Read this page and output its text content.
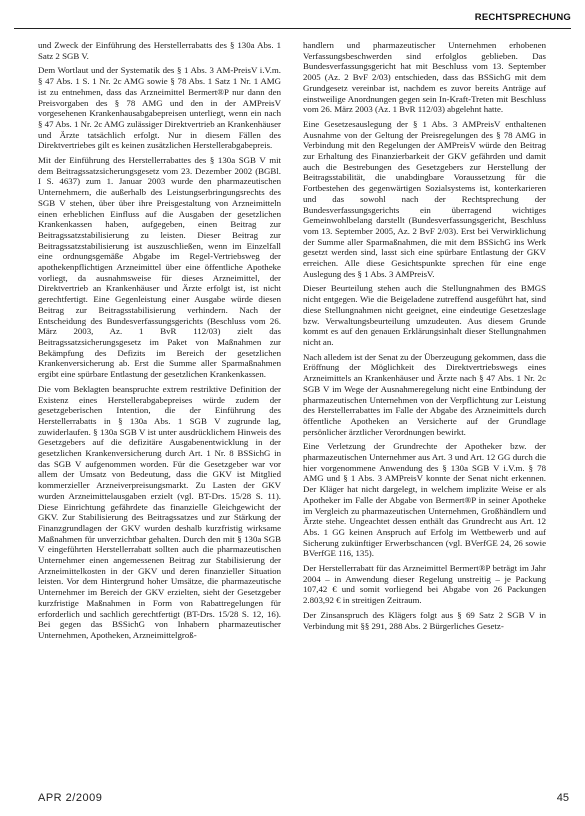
RECHTSPRECHUNG

und Zweck der Einführung des Herstellerrabatts des § 130a Abs. 1 Satz 2 SGB V.

Dem Wortlaut und der Systematik des § 1 Abs. 3 AM-PreisV i.V.m. § 47 Abs. 1 S. 1 Nr. 2c AMG sowie § 78 Abs. 1 Satz 1 Nr. 1 AMG ist zu entnehmen, dass das Arzneimittel Bermert®P nur dann den Preisvorgaben des § 78 AMG und den in der AMPreisV vorgesehenen Krankenhausabgabepreisen unterliegt, wenn ein nach § 47 Abs. 1 Nr. 2c AMG zulässiger Direktvertrieb an Krankenhäuser und Ärzte tatsächlich erfolgt. Nur in diesem Fällen des Direktvertriebes gilt es keinen zusätzlichen Herstellerabgabepreis.

Mit der Einführung des Herstellerrabattes des § 130a SGB V mit dem Beitragssatzsicherungsgesetz vom 23. Dezember 2002 (BGBl. I S. 4637) zum 1. Januar 2003 wurde den pharmazeutischen Unternehmern, die außerhalb des Leistungserbringungsrechts des SGB V stehen, über über ihre Preisgestaltung von Arzneimitteln einen erheblichen Einfluss auf die Ausgaben der gesetzlichen Krankenkassen haben, aufgegeben, einen Beitrag zur Beitragssatzstabilisierung zu leisten. Dieser Beitrag zur Beitragssatzstabilisierung ist auszuschließen, wenn im Einzelfall eine ordnungsgemäße Abgabe im Regel-Vertriebsweg der apothekenpflichtigen Arzneimittel über eine öffentliche Apotheke vorliegt, da ausnahmsweise für dieses Arzneimittel, der Direktvertrieb an Krankenhäuser und Ärzte erfolgt ist, ist nicht gerechtfertigt. Eine Gegenleistung einer Ausgabe würde diesen Beitrag zur Beitragsstabilisierung verhindern. Nach der Entscheidung des Bundesverfassungsgerichts (Beschluss vom 26. März 2003, Az. 1 BvR 112/03) zielt das Beitragssatzsicherungsgesetz im Paket von Maßnahmen zur Bekämpfung des Defizits im Bereich der gesetzlichen Krankenversicherung ab. Erst die Summe aller Sparmaßnahmen ergibt eine spürbare Entlastung der gesetzlichen Krankenkassen.

Die vom Beklagten beanspruchte extrem restriktive Definition der Existenz eines Herstellerabgabepreises würde zudem der gesetzgeberischen Intention, die der Einführung des Herstellerrabatts in § 130a Abs. 1 SGB V zugrunde lag, zuwiderlaufen. § 130a SGB V ist unter ausdrücklichem Hinweis des Gesetzgebers auf die defizitäre Ausgabenentwicklung in der gesetzlichen Krankenversicherung durch Art. 1 Nr. 8 BSSichG in das SGB V aufgenommen worden. Für die Gesetzgeber war vor allem der Umsatz von Bedeutung, dass die GKV ist Mitglied kommerzieller Arzneiverpreisungsmarkt. Zu Lasten der GKV wurden Arzneimittelausgaben erzielt (vgl. BT-Drs. 15/28 S. 11). Diese Einrichtung gefährdete das finanzielle Gleichgewicht der GKV. Zur Stabilisierung des Beitragssatzes und zur Stärkung der Finanzgrundlagen der GKV wurden deshalb kurzfristig wirksame Maßnahmen für unverzichtbar gehalten. Durch den mit § 130a SGB V eingeführten Herstellerrabatt sollten auch die pharmazeutischen Unternehmer einen angemessenen Beitrag zur Stabilisierung der Arzneimittelkosten in der GKV und deren finanzieller Situation leisten. Vor dem Hintergrund hoher Umsätze, die pharmazeutische Unternehmer im Bereich der GKV erzielten, sieht der Gesetzgeber kurzfristige Maßnahmen in Form von Rabattregelungen für erforderlich und sachlich gerechtfertigt (BT-Drs. 15/28 S. 12, 16). Bei gegen das BSSichG von Inhabern pharmazeutischer Unternehmen, Apotheken, Arzneimittelgroß-

handlern und pharmazeutischer Unternehmen erhobenen Verfassungsbeschwerden sind erfolglos geblieben. Das Bundesverfassungsgericht hat mit Beschluss vom 13. September 2005 (Az. 2 BvF 2/03) entschieden, dass das BSSichG mit dem Grundgesetz vereinbar ist, nachdem es zuvor bereits Anträge auf einstweilige Anordnungen gegen sein In-Kraft-Treten mit Beschluss vom 26. März 2003 (Az. 1 BvR 112/03) abgelehnt hatte.

Eine Gesetzesauslegung der § 1 Abs. 3 AMPreisV enthaltenen Ausnahme von der Geltung der Preisregelungen des § 78 AMG in Verbindung mit den Regelungen der AMPreisV würde den Beitrag zur Erhaltung des Finanzierbarkeit der GKV gefährden und damit auch die Bestrebungen des Gesetzgebers zur Herstellung der Beitragsstabilität, die unabdingbare Voraussetzung für die Fortbestehen des gegenwärtigen Sozialsystems ist, konterkarieren und das sowohl nach der Rechtsprechung der Bundesverfassungsgerichts ein überragend wichtiges Gemeinwohlbelang darstellt (Bundesverfassungsgericht, Beschluss vom 13. September 2005, Az. 2 BvF 2/03). Erst bei Verwirklichung der Summe aller Sparmaßnahmen, die mit dem BSSichG ins Werk gesetzt werden sind, lasst sich eine spürbare Entlastung der GKV erreichen. Alle diese Gesichtspunkte sprechen für eine enge Auslegung des § 1 Abs. 3 AMPreisV.

Dieser Beurteilung stehen auch die Stellungnahmen des BMGS nicht entgegen. Wie die Beigeladene zutreffend ausgeführt hat, sind diese Stellungnahmen nicht geeignet, eine eindeutige Gesetzeslage bzw. Verwaltungsbeurteilung umzudeuten. Aus diesem Grunde kommt es auf den genauen Erklärungsinhalt dieser Stellungnahmen nicht an.

Nach alledem ist der Senat zu der Überzeugung gekommen, dass die Eröffnung der Möglichkeit des Direktvertriebswegs eines Arzneimittels an Krankenhäuser und Ärzte nach § 47 Abs. 1 Nr. 2c SGB V im Wege der Ausnahmeregelung nicht eine Entbindung der pharmazeutischen Unternehmen von der Verpflichtung zur Leistung des Herstellerrabattes im Falle der Abgabe des Arzneimittels durch öffentliche Apotheken an Versicherte auf der Grundlage persönlicher ärztlicher Verordnungen bewirkt.

Eine Verletzung der Grundrechte der Apotheker bzw. der pharmazeutischen Unternehmer aus Art. 3 und Art. 12 GG durch die hier vorgenommene Anwendung des § 130a SGB V i.V.m. § 78 AMG und § 1 Abs. 3 AMPreisV konnte der Senat nicht erkennen. Der Kläger hat nicht dargelegt, in welchem implizite Weise er als Apotheker im Falle der Abgabe von Bermert®P in seiner Apotheke im Vergleich zu pharmazeutischen Unternehmen, Großhändlern und Ärzte stehe. Ungeachtet dessen enthält das Grundrecht aus Art. 12 Abs. 1 GG keinen Anspruch auf Erfolg im Wettbewerb und auf Sicherung zukünftiger Erwerbschancen (vgl. BVerfGE 24, 26 sowie BVerfGE 116, 135).

Der Herstellerrabatt für das Arzneimittel Bermert®P beträgt im Jahr 2004 – in Anwendung dieser Regelung unstreitig – je Packung 107,42 € und somit vorliegend bei Abgabe von 26 Packungen 2.803,92 € in streitigen Zeitraum.

Der Zinsanspruch des Klägers folgt aus § 69 Satz 2 SGB V in Verbindung mit §§ 291, 288 Abs. 2 Bürgerliches Gesetz-

APR 2/2009	45
